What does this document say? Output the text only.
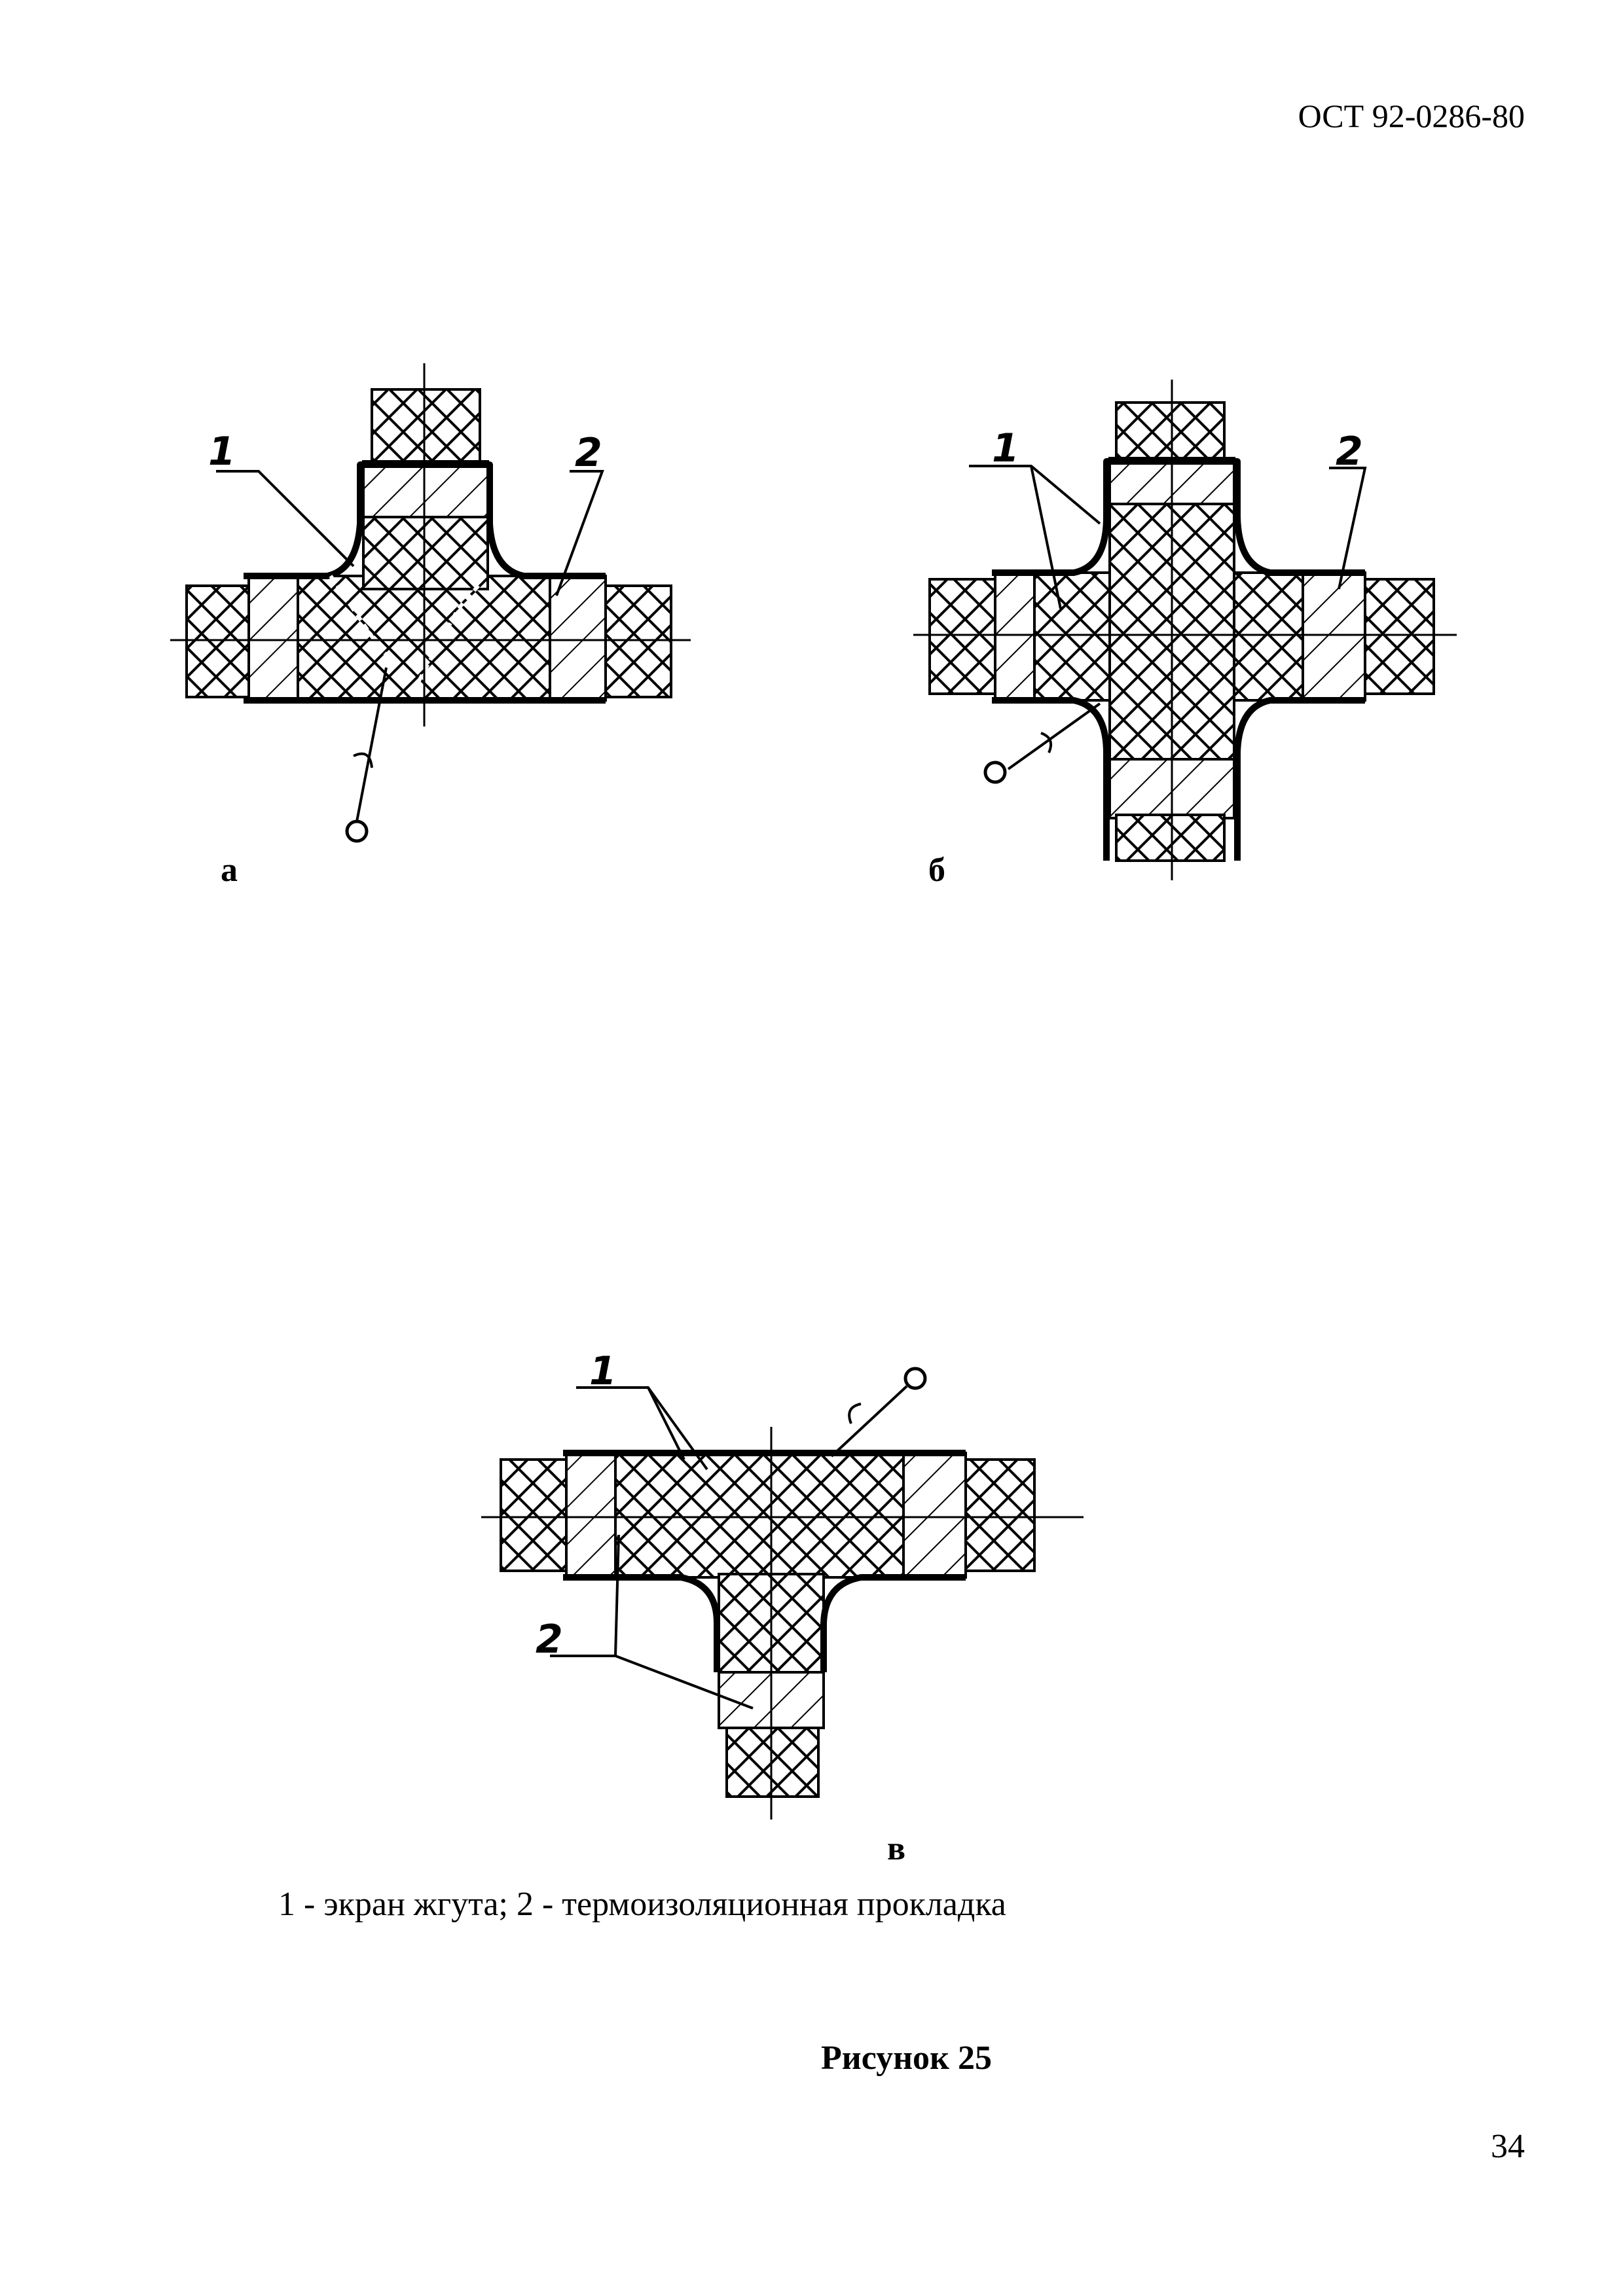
ОСТ 92-0286-80
1	2	1	2
1
2
а	б
в
1 - экран жгута; 2 - термоизоляционная прокладка
Рисунок 25
34
